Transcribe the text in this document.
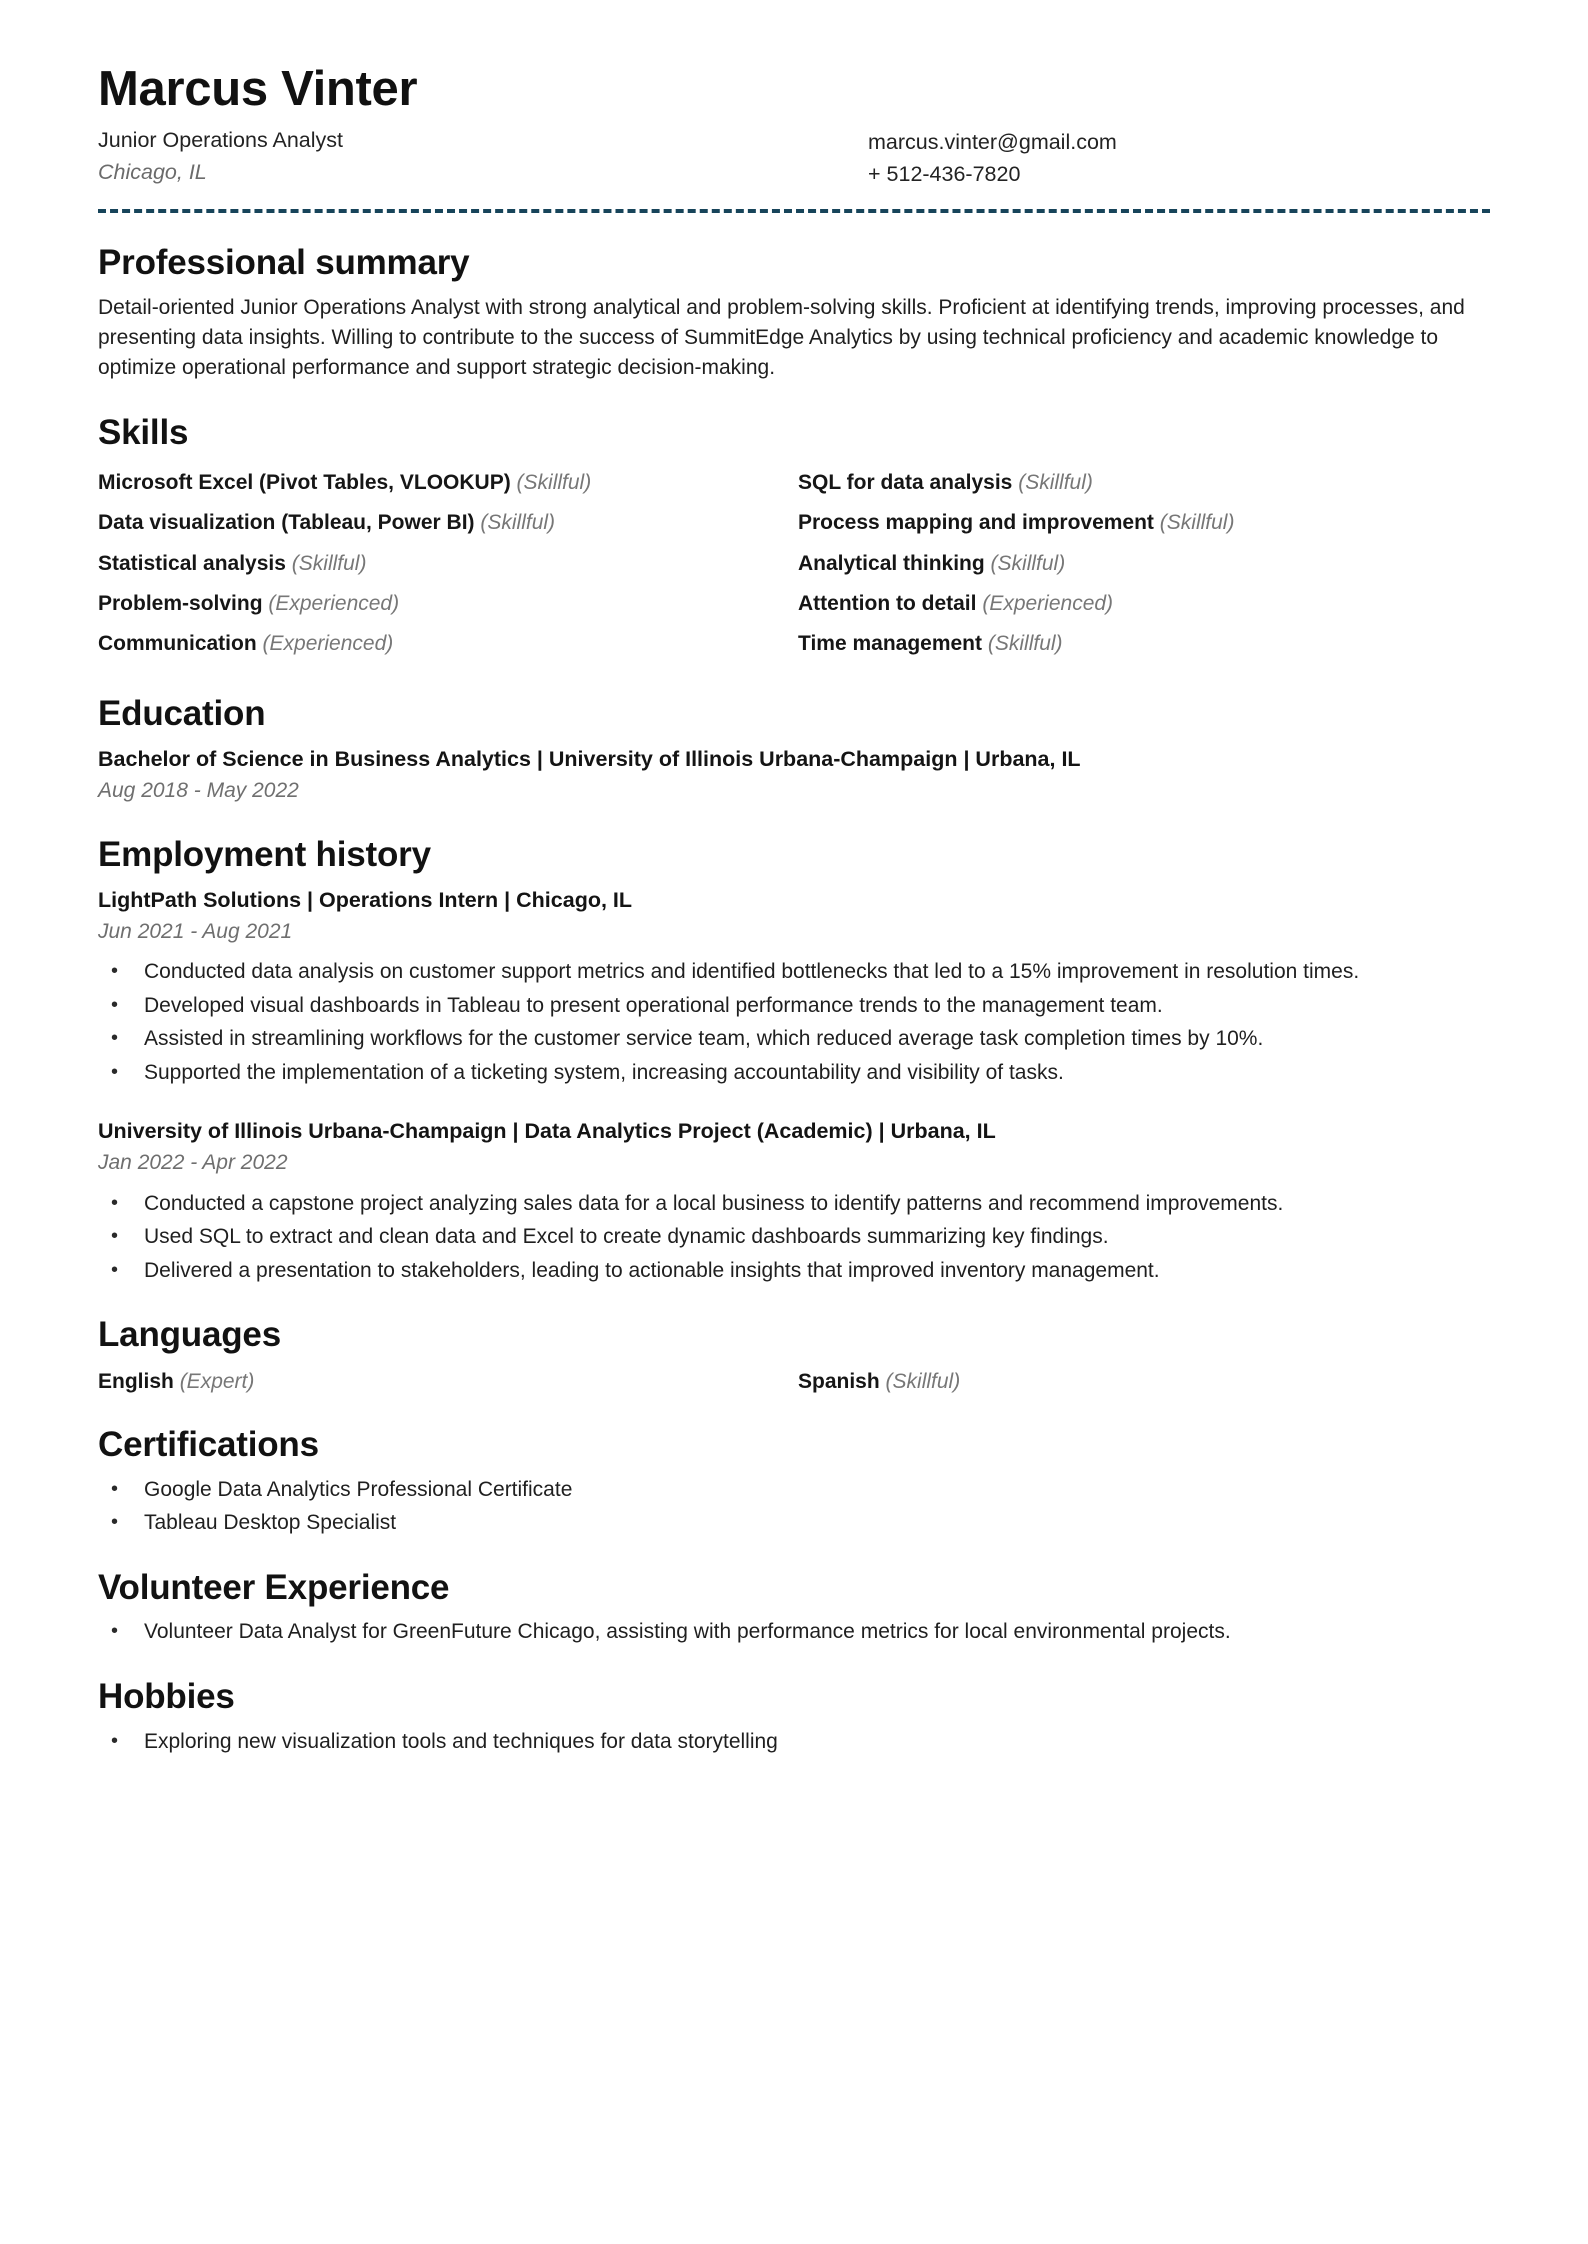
Marcus Vinter
Junior Operations Analyst
Chicago, IL
marcus.vinter@gmail.com
+ 512-436-7820
Professional summary
Detail-oriented Junior Operations Analyst with strong analytical and problem-solving skills. Proficient at identifying trends, improving processes, and presenting data insights. Willing to contribute to the success of SummitEdge Analytics by using technical proficiency and academic knowledge to optimize operational performance and support strategic decision-making.
Skills
Microsoft Excel (Pivot Tables, VLOOKUP) (Skillful)	SQL for data analysis (Skillful)
Data visualization (Tableau, Power BI) (Skillful)	Process mapping and improvement (Skillful)
Statistical analysis (Skillful)	Analytical thinking (Skillful)
Problem-solving (Experienced)	Attention to detail (Experienced)
Communication (Experienced)	Time management (Skillful)
Education
Bachelor of Science in Business Analytics | University of Illinois Urbana-Champaign | Urbana, IL
Aug 2018 - May 2022
Employment history
LightPath Solutions | Operations Intern | Chicago, IL
Jun 2021 - Aug 2021
• Conducted data analysis on customer support metrics and identified bottlenecks that led to a 15% improvement in resolution times.
• Developed visual dashboards in Tableau to present operational performance trends to the management team.
• Assisted in streamlining workflows for the customer service team, which reduced average task completion times by 10%.
• Supported the implementation of a ticketing system, increasing accountability and visibility of tasks.
University of Illinois Urbana-Champaign | Data Analytics Project (Academic) | Urbana, IL
Jan 2022 - Apr 2022
• Conducted a capstone project analyzing sales data for a local business to identify patterns and recommend improvements.
• Used SQL to extract and clean data and Excel to create dynamic dashboards summarizing key findings.
• Delivered a presentation to stakeholders, leading to actionable insights that improved inventory management.
Languages
English (Expert)	Spanish (Skillful)
Certifications
• Google Data Analytics Professional Certificate
• Tableau Desktop Specialist
Volunteer Experience
• Volunteer Data Analyst for GreenFuture Chicago, assisting with performance metrics for local environmental projects.
Hobbies
• Exploring new visualization tools and techniques for data storytelling
